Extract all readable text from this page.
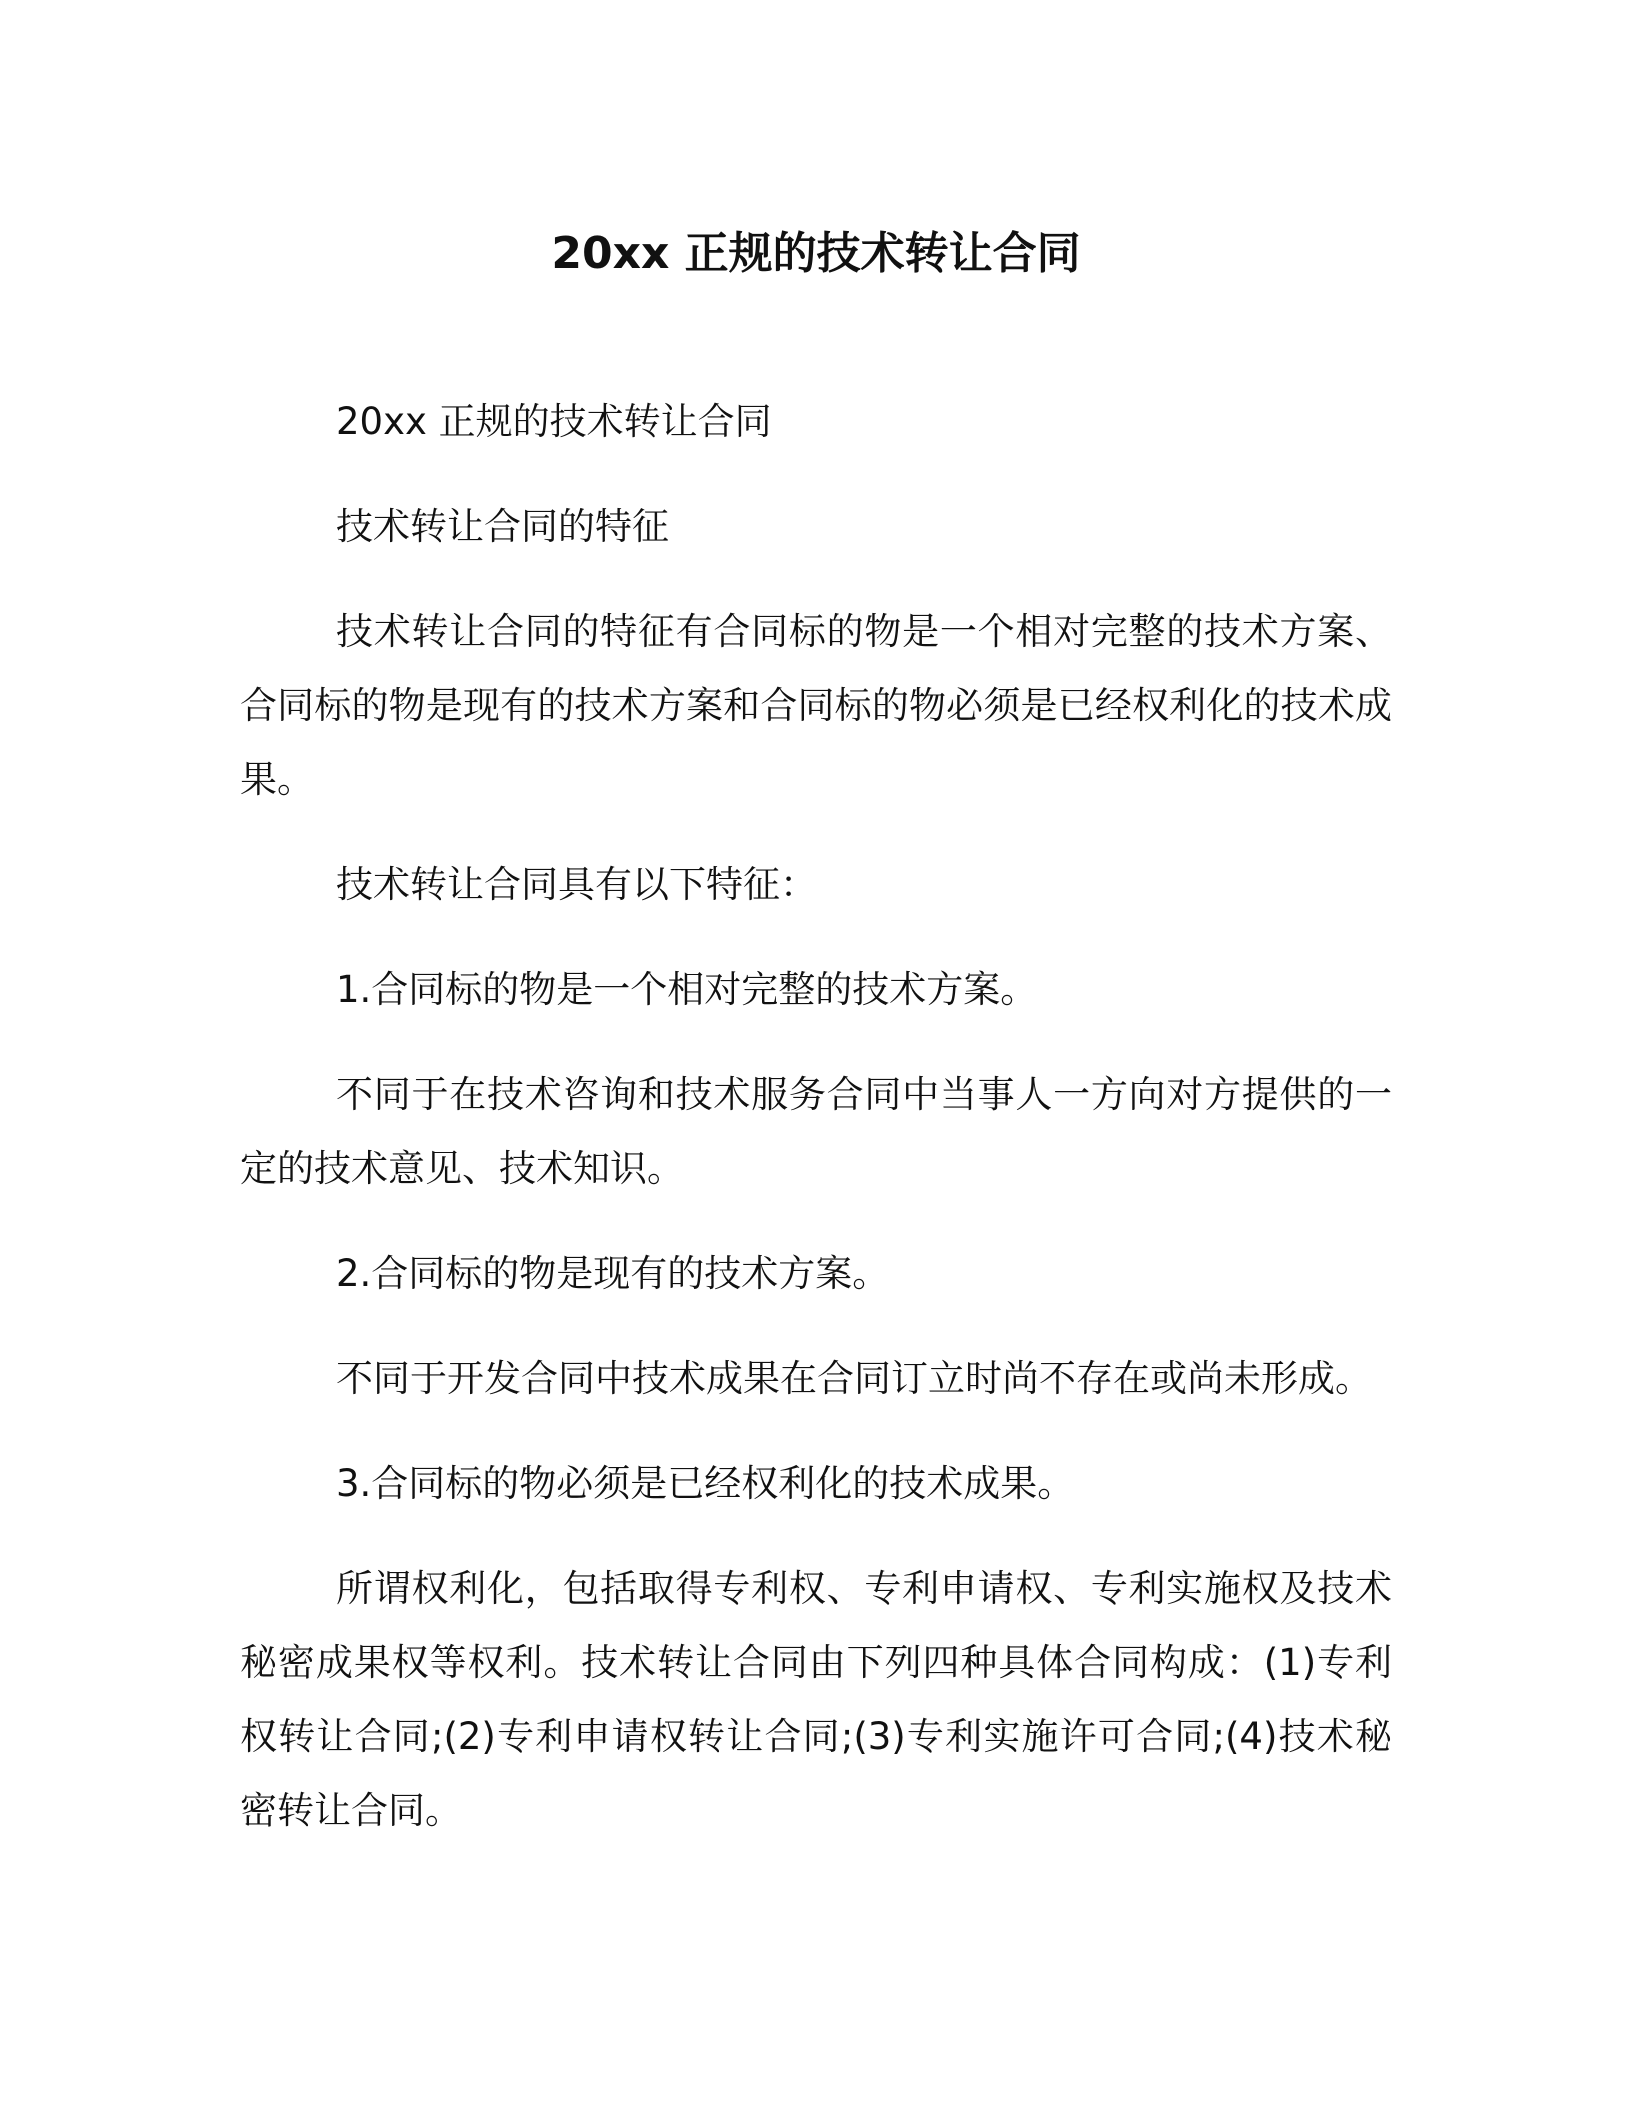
20xx 正规的技术转让合同

20xx 正规的技术转让合同

技术转让合同的特征

技术转让合同的特征有合同标的物是一个相对完整的技术方案、合同标的物是现有的技术方案和合同标的物必须是已经权利化的技术成果。

技术转让合同具有以下特征：

1.合同标的物是一个相对完整的技术方案。

不同于在技术咨询和技术服务合同中当事人一方向对方提供的一定的技术意见、技术知识。

2.合同标的物是现有的技术方案。

不同于开发合同中技术成果在合同订立时尚不存在或尚未形成。

3.合同标的物必须是已经权利化的技术成果。

所谓权利化，包括取得专利权、专利申请权、专利实施权及技术秘密成果权等权利。技术转让合同由下列四种具体合同构成：(1)专利权转让合同;(2)专利申请权转让合同;(3)专利实施许可合同;(4)技术秘密转让合同。
